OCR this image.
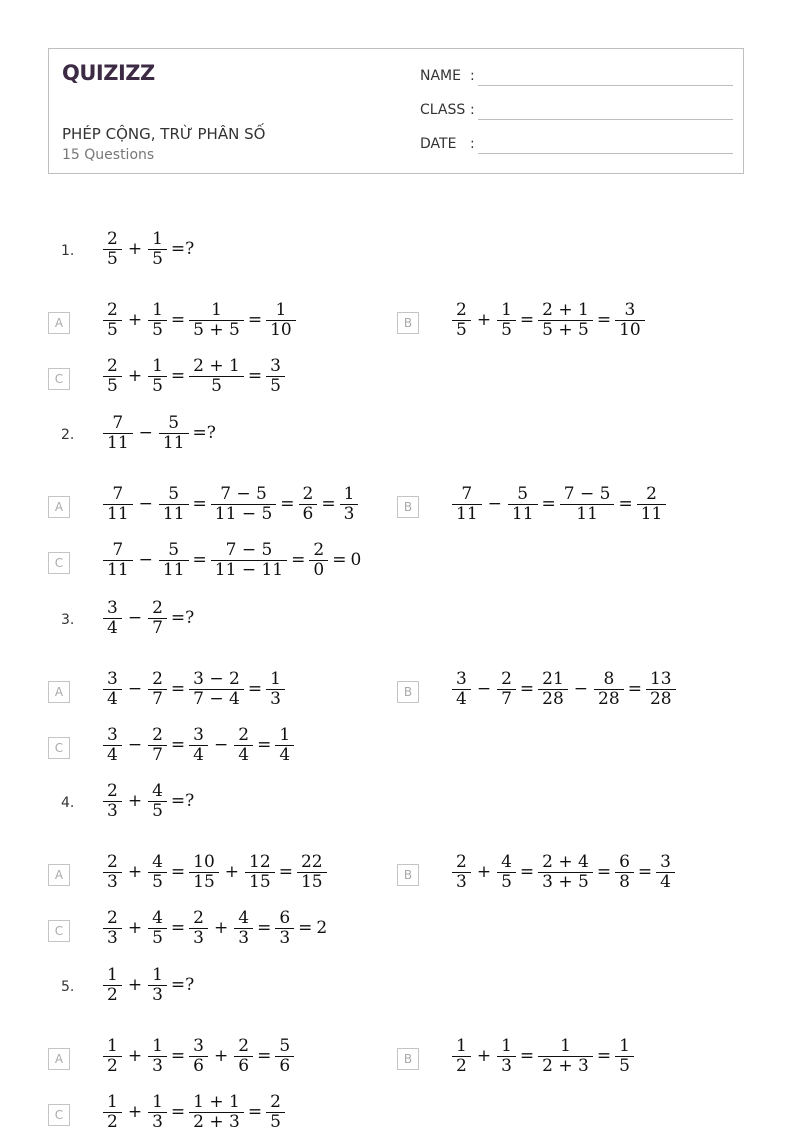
QUIZIZZ
PHÉP CỘNG, TRỪ PHÂN SỐ
15 Questions
NAME :
CLASS :
DATE :
1. $\frac{2}{5} + \frac{1}{5}$ =?
A	$\frac{2}{5} + \frac{1}{5} = \frac{1}{5 + 5} = \frac{1}{10}$	B	$\frac{2}{5} + \frac{1}{5} = \frac{2 + 1}{5 + 5} = \frac{3}{10}$
C	$\frac{2}{5} + \frac{1}{5} = \frac{2 + 1}{5} = \frac{3}{5}$
2. $\frac{7}{11} - \frac{5}{11}$ =?
A	$\frac{7}{11} - \frac{5}{11} = \frac{7 - 5}{11 - 5} = \frac{2}{6} = \frac{1}{3}$	B	$\frac{7}{11} - \frac{5}{11} = \frac{7 - 5}{11} = \frac{2}{11}$
C	$\frac{7}{11} - \frac{5}{11} = \frac{7 - 5}{11 - 11} = \frac{2}{0} = 0$
3. $\frac{3}{4} - \frac{2}{7}$ =?
A	$\frac{3}{4} - \frac{2}{7} = \frac{3 - 2}{7 - 4} = \frac{1}{3}$	B	$\frac{3}{4} - \frac{2}{7} = \frac{21}{28} - \frac{8}{28} = \frac{13}{28}$
C	$\frac{3}{4} - \frac{2}{7} = \frac{3}{4} - \frac{2}{4} = \frac{1}{4}$
4. $\frac{2}{3} + \frac{4}{5}$ =?
A	$\frac{2}{3} + \frac{4}{5} = \frac{10}{15} + \frac{12}{15} = \frac{22}{15}$	B	$\frac{2}{3} + \frac{4}{5} = \frac{2 + 4}{3 + 5} = \frac{6}{8} = \frac{3}{4}$
C	$\frac{2}{3} + \frac{4}{5} = \frac{2}{3} + \frac{4}{3} = \frac{6}{3} = 2$
5. $\frac{1}{2} + \frac{1}{3}$ =?
A	$\frac{1}{2} + \frac{1}{3} = \frac{3}{6} + \frac{2}{6} = \frac{5}{6}$	B	$\frac{1}{2} + \frac{1}{3} = \frac{1}{2 + 3} = \frac{1}{5}$
C	$\frac{1}{2} + \frac{1}{3} = \frac{1 + 1}{2 + 3} = \frac{2}{5}$
